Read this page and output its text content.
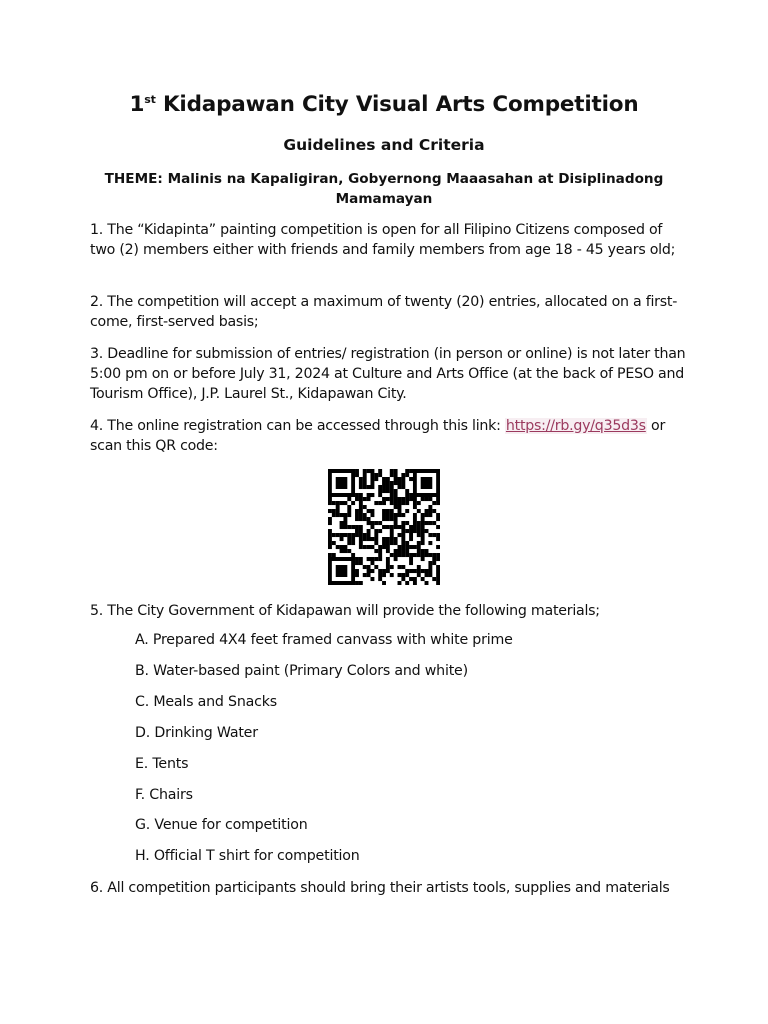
1st Kidapawan City Visual Arts Competition
Guidelines and Criteria
THEME: Malinis na Kapaligiran, Gobyernong Maaasahan at Disiplinadong Mamamayan
1. The “Kidapinta” painting competition is open for all Filipino Citizens composed of two (2) members either with friends and family members from age 18 - 45 years old;
2. The competition will accept a maximum of twenty (20) entries, allocated on a first-come, first-served basis;
3. Deadline for submission of entries/ registration (in person or online) is not later than 5:00 pm on or before July 31, 2024 at Culture and Arts Office (at the back of PESO and Tourism Office), J.P. Laurel St., Kidapawan City.
4. The online registration can be accessed through this link: https://rb.gy/q35d3s or scan this QR code:
5. The City Government of Kidapawan will provide the following materials;
A. Prepared 4X4 feet framed canvass with white prime
B. Water-based paint (Primary Colors and white)
C. Meals and Snacks
D. Drinking Water
E. Tents
F. Chairs
G. Venue for competition
H. Official T shirt for competition
6. All competition participants should bring their artists tools, supplies and materials
